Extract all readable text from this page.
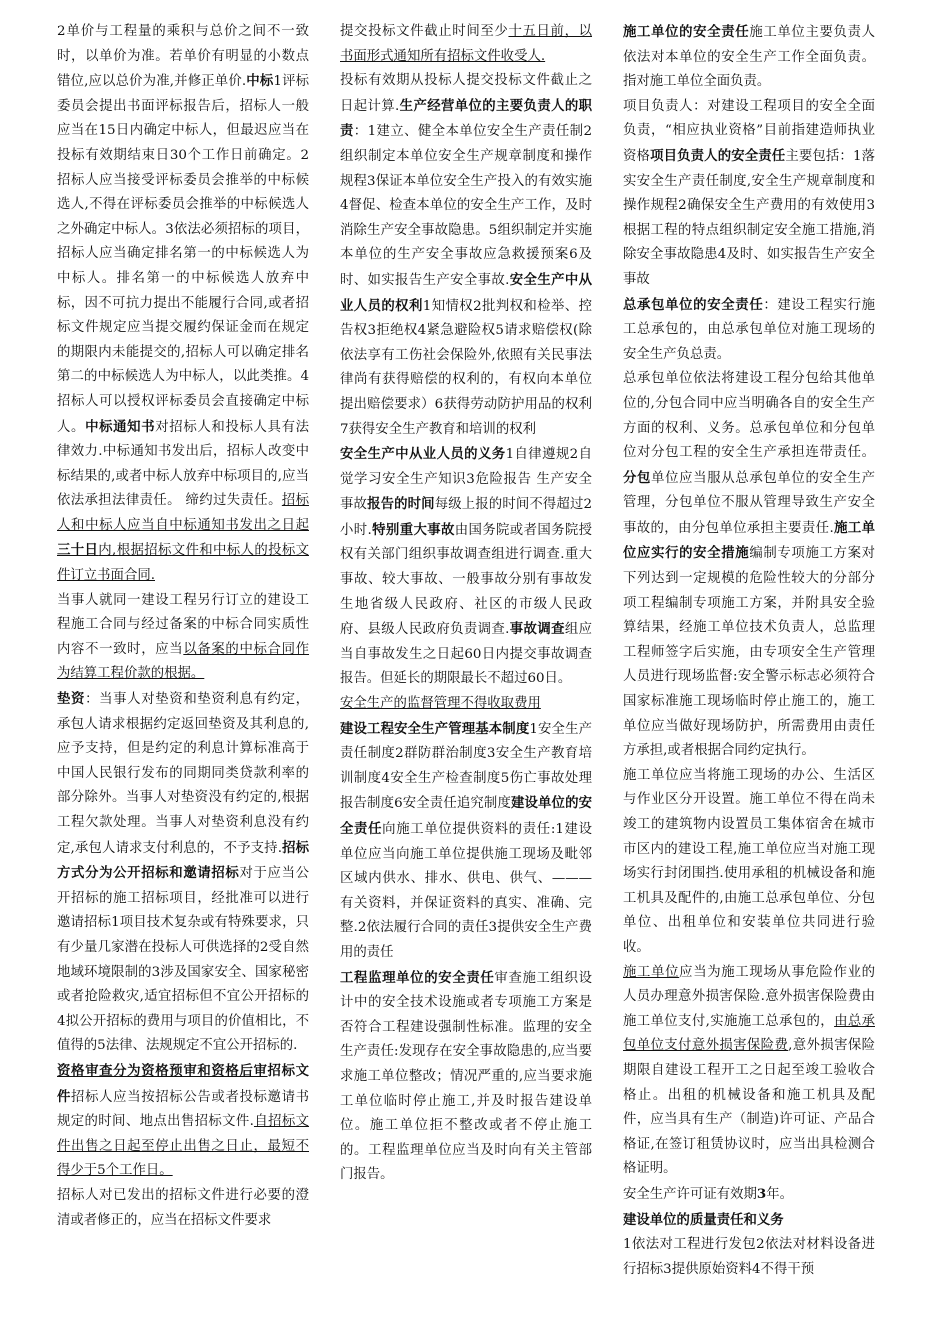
2单价与工程量的乘积与总价之间不一致时，以单价为准。若单价有明显的小数点错位,应以总价为准,并修正单价.中标1评标委员会提出书面评标报告后，招标人一般应当在15日内确定中标人，但最迟应当在投标有效期结束日30个工作日前确定。2招标人应当接受评标委员会推举的中标候选人,不得在评标委员会推举的中标候选人之外确定中标人。3依法必须招标的项目，招标人应当确定排名第一的中标候选人为中标人。排名第一的中标候选人放弃中标，因不可抗力提出不能履行合同,或者招标文件规定应当提交履约保证金而在规定的期限内未能提交的,招标人可以确定排名第二的中标候选人为中标人，以此类推。4招标人可以授权评标委员会直接确定中标人。中标通知书对招标人和投标人具有法律效力.中标通知书发出后，招标人改变中标结果的,或者中标人放弃中标项目的,应当依法承担法律责任。 缔约过失责任。招标人和中标人应当自中标通知书发出之日起三十日内,根据招标文件和中标人的投标文件订立书面合同.

当事人就同一建设工程另行订立的建设工程施工合同与经过备案的中标合同实质性内容不一致时，应当以备案的中标合同作为结算工程价款的根据。

垫资：当事人对垫资和垫资利息有约定，承包人请求根据约定返回垫资及其利息的,应予支持，但是约定的利息计算标准高于中国人民银行发布的同期同类贷款利率的部分除外。当事人对垫资没有约定的,根据工程欠款处理。当事人对垫资利息没有约定,承包人请求支付利息的，不予支持.招标方式分为公开招标和邀请招标对于应当公开招标的施工招标项目，经批准可以进行邀请招标1项目技术复杂或有特殊要求，只有少量几家潜在投标人可供选择的2受自然地域环境限制的3涉及国家安全、国家秘密或者抢险救灾,适宜招标但不宜公开招标的4拟公开招标的费用与项目的价值相比，不值得的5法律、法规规定不宜公开招标的.

资格审查分为资格预审和资格后审招标文件招标人应当按招标公告或者投标邀请书规定的时间、地点出售招标文件.自招标文件出售之日起至停止出售之日止，最短不得少于5个工作日。

招标人对已发出的招标文件进行必要的澄清或者修正的，应当在招标文件要求

提交投标文件截止时间至少十五日前，以书面形式通知所有招标文件收受人.

投标有效期从投标人提交投标文件截止之日起计算.生产经营单位的主要负责人的职责：1建立、健全本单位安全生产责任制2组织制定本单位安全生产规章制度和操作规程3保证本单位安全生产投入的有效实施4督促、检查本单位的安全生产工作，及时消除生产安全事故隐患。5组织制定并实施本单位的生产安全事故应急救援预案6及时、如实报告生产安全事故.安全生产中从业人员的权利1知情权2批判权和检举、控告权3拒绝权4紧急避险权5请求赔偿权(除依法享有工伤社会保险外,依照有关民事法律尚有获得赔偿的权利的，有权向本单位提出赔偿要求）6获得劳动防护用品的权利7获得安全生产教育和培训的权利

安全生产中从业人员的义务1自律遵规2自觉学习安全生产知识3危险报告 生产安全事故报告的时间每级上报的时间不得超过2小时.特别重大事故由国务院或者国务院授权有关部门组织事故调查组进行调查.重大事故、较大事故、一般事故分别有事故发生地省级人民政府、社区的市级人民政府、县级人民政府负责调查.事故调查组应当自事故发生之日起60日内提交事故调查报告。但延长的期限最长不超过60日。

安全生产的监督管理不得收取费用

建设工程安全生产管理基本制度1安全生产责任制度2群防群治制度3安全生产教育培训制度4安全生产检查制度5伤亡事故处理报告制度6安全责任追究制度建设单位的安全责任向施工单位提供资料的责任:1建设单位应当向施工单位提供施工现场及毗邻区域内供水、排水、供电、供气、———有关资料，并保证资料的真实、准确、完整.2依法履行合同的责任3提供安全生产费用的责任

工程监理单位的安全责任审查施工组织设计中的安全技术设施或者专项施工方案是否符合工程建设强制性标准。监理的安全生产责任:发现存在安全事故隐患的,应当要求施工单位整改；情况严重的,应当要求施工单位临时停止施工,并及时报告建设单位。施工单位拒不整改或者不停止施工的。工程监理单位应当及时向有关主管部门报告。

施工单位的安全责任施工单位主要负责人依法对本单位的安全生产工作全面负责。指对施工单位全面负责。

项目负责人：对建设工程项目的安全全面负责，“相应执业资格”目前指建造师执业资格项目负责人的安全责任主要包括：1落实安全生产责任制度,安全生产规章制度和操作规程2确保安全生产费用的有效使用3根据工程的特点组织制定安全施工措施,消除安全事故隐患4及时、如实报告生产安全事故

总承包单位的安全责任：建设工程实行施工总承包的，由总承包单位对施工现场的安全生产负总责。

总承包单位依法将建设工程分包给其他单位的,分包合同中应当明确各自的安全生产方面的权利、义务。总承包单位和分包单位对分包工程的安全生产承担连带责任。分包单位应当服从总承包单位的安全生产管理，分包单位不服从管理导致生产安全事故的，由分包单位承担主要责任.施工单位应实行的安全措施编制专项施工方案对下列达到一定规模的危险性较大的分部分项工程编制专项施工方案，并附具安全验算结果，经施工单位技术负责人，总监理工程师签字后实施，由专项安全生产管理人员进行现场监督:安全警示标志必须符合国家标准施工现场临时停止施工的，施工单位应当做好现场防护，所需费用由责任方承担,或者根据合同约定执行。

施工单位应当将施工现场的办公、生活区与作业区分开设置。施工单位不得在尚未竣工的建筑物内设置员工集体宿舍在城市市区内的建设工程,施工单位应当对施工现场实行封闭围挡.使用承租的机械设备和施工机具及配件的,由施工总承包单位、分包单位、出租单位和安装单位共同进行验收。

施工单位应当为施工现场从事危险作业的人员办理意外损害保险.意外损害保险费由施工单位支付,实施施工总承包的，由总承包单位支付意外损害保险费,意外损害保险期限自建设工程开工之日起至竣工验收合格止。出租的机械设备和施工机具及配件，应当具有生产（制造)许可证、产品合格证,在签订租赁协议时，应当出具检测合格证明。

安全生产许可证有效期3年。

建设单位的质量责任和义务

1依法对工程进行发包2依法对材料设备进行招标3提供原始资料4不得干预
